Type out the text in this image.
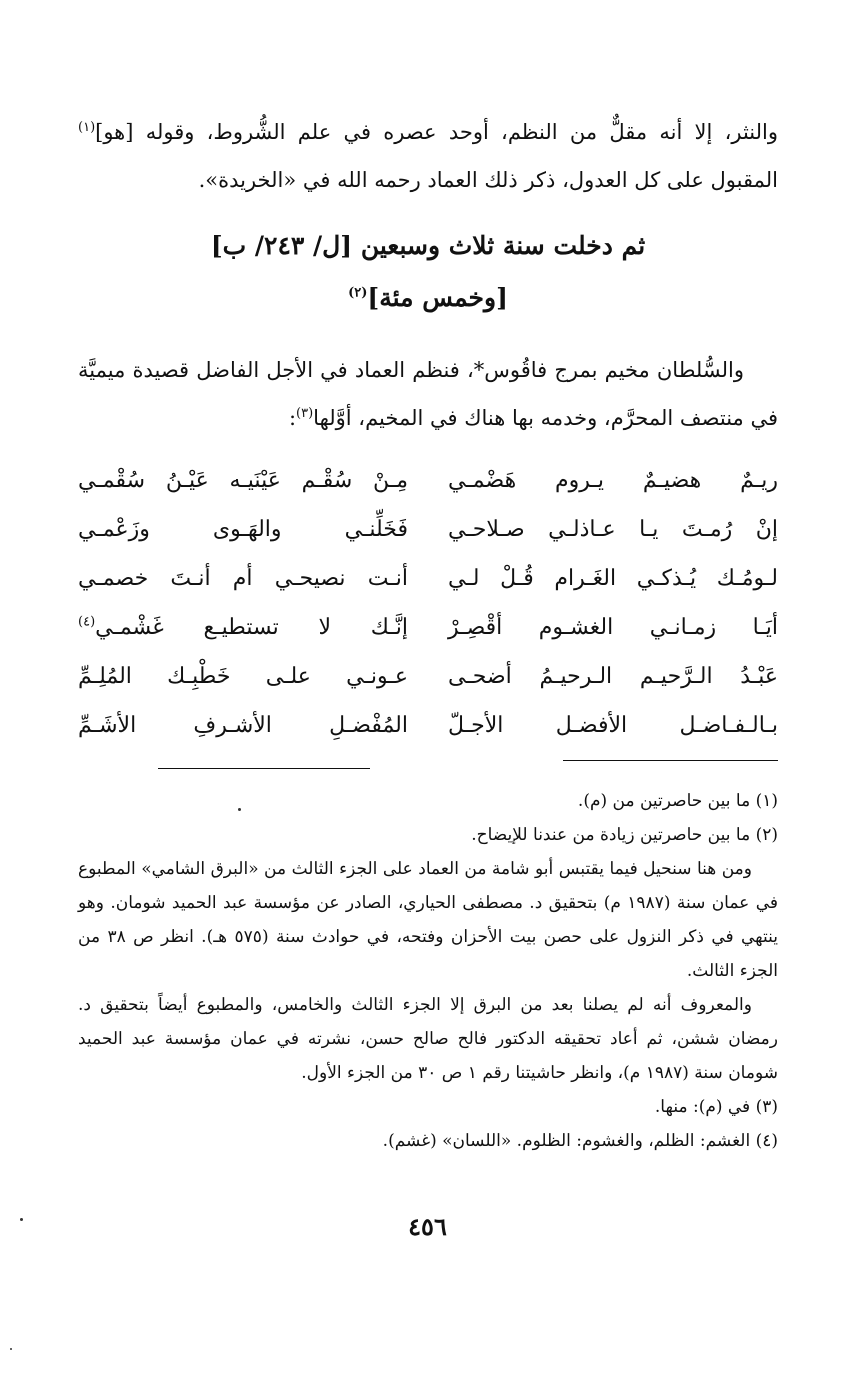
والنثر، إلا أنه مقلٌّ من النظم، أوحد عصره في علم الشُّروط، وقوله [هو]$^{(١)}$ المقبول على كل العدول، ذكر ذلك العماد رحمه الله في «الخريدة».

ثم دخلت سنة ثلاث وسبعين [ل/ ٢٤٣/ ب]
[وخمس مئة]$^{(٢)}$

والسُّلطان مخيم بمرج فاقُوس*، فنظم العماد في الأجل الفاضل قصيدة ميميَّة في منتصف المحرَّم، وخدمه بها هناك في المخيم، أوَّلها$^{(٣)}$:

ريـمٌ هضيـمٌ يـروم هَضْمـي
مِـنْ سُقْـم عَيْنَيـه عَيْـنُ سُقْمـي
إنْ رُمـتَ يـا عـاذلـي صـلاحـي
فَخَلِّنـي والهَـوى وزَعْمـي
لـومُـك يُـذكـي الغَـرام قُـلْ لـي
أنـت نصيحـي أم أنـتَ خصمـي
أيَـا زمـانـي الغشـوم أقْصِـرْ
إنَّـك لا تستطيـع غَشْمـي$^{(٤)}$
عَبْـدُ الـرَّحيـم الـرحيـمُ أضحـى
عـونـي علـى خَطْبِـك المُلِـمِّ
بـالـفـاضـل الأفضـل الأجـلّ
المُفْضـلِ الأشـرفِ الأشَـمِّ

(١) ما بين حاصرتين من (م).

(٢) ما بين حاصرتين زيادة من عندنا للإيضاح.

ومن هنا سنحيل فيما يقتبس أبو شامة من العماد على الجزء الثالث من «البرق الشامي» المطبوع في عمان سنة (١٩٨٧ م) بتحقيق د. مصطفى الحياري، الصادر عن مؤسسة عبد الحميد شومان. وهو ينتهي في ذكر النزول على حصن بيت الأحزان وفتحه، في حوادث سنة (٥٧٥ هـ). انظر ص ٣٨ من الجزء الثالث.

والمعروف أنه لم يصلنا بعد من البرق إلا الجزء الثالث والخامس، والمطبوع أيضاً بتحقيق د. رمضان ششن، ثم أعاد تحقيقه الدكتور فالح صالح حسن، نشرته في عمان مؤسسة عبد الحميد شومان سنة (١٩٨٧ م)، وانظر حاشيتنا رقم ١ ص ٣٠ من الجزء الأول.

(٣) في (م): منها.

(٤) الغشم: الظلم، والغشوم: الظلوم. «اللسان» (غشم).

٤٥٦
